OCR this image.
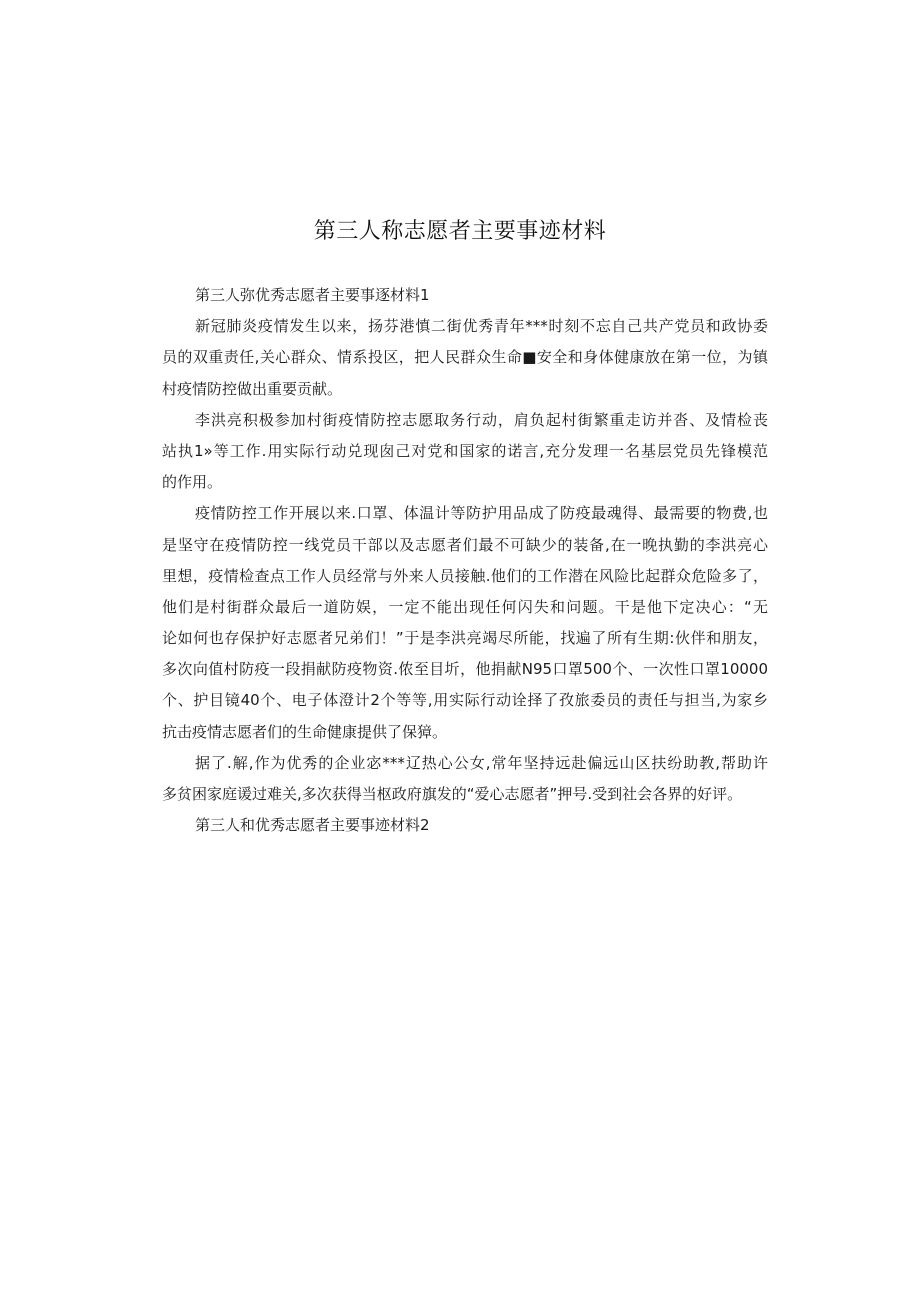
第三人称志愿者主要事迹材料
第三人弥优秀志愿者主要事逐材料1
新冠肺炎疫情发生以来，扬芬港慎二街优秀青年***时刻不忘自己共产党员和政协委
员的双重责任,关心群众、情系投区，把人民群众生命■安全和身体健康放在第一位，为镇
村疫情防控做出重要贡献。
李洪亮积极参加村街疫情防控志愿取务行动，肩负起村街繁重走访并沓、及情检丧
站执1»等工作.用实际行动兑现囱己对党和国家的诺言,充分发理一名基层党员先锋模范
的作用。
疫情防控工作开展以来.口罩、体温计等防护用品成了防疫最魂得、最需要的物费,也
是坚守在疫情防控一线党员干部以及志愿者们最不可缺少的装备,在一晚执勤的李洪亮心
里想，疫情检查点工作人员经常与外来人员接触.他们的工作潜在风险比起群众危险多了，
他们是村街群众最后一道防娱，一定不能出现任何闪失和问题。干是他下定决心：“无
论如何也存保护好志愿者兄弟们！”于是李洪亮竭尽所能，找遍了所有生期:伙伴和朋友，
多次向值村防疫一段捐献防疫物资.侬至目圻，他捐献N95口罩500个、一次性口罩10000
个、护目镜40个、电子体澄计2个等等,用实际行动诠择了孜旅委员的责任与担当,为家乡
抗击疫情志愿者们的生命健康提供了保獐。
据了.解,作为优秀的企业宓***辽热心公女,常年坚持远赴偏远山区扶纷助教,帮助许
多贫困家庭谖过难关,多次获得当枢政府旗发的“爱心志愿者”押号.受到社会各界的好评。
第三人和优秀志愿者主要事迹材料2
